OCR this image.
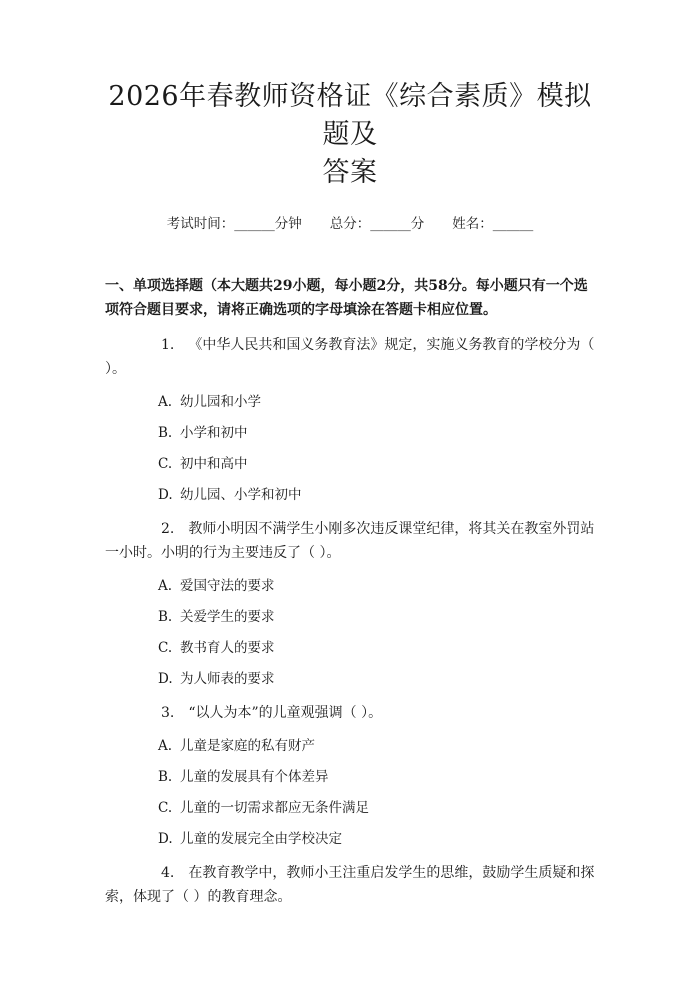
2026年春教师资格证《综合素质》模拟题及
答案
考试时间：______分钟 总分：______分 姓名：______
一、单项选择题（本大题共29小题，每小题2分，共58分。每小题只有一个选项符合题目要求，请将正确选项的字母填涂在答题卡相应位置。
1. 《中华人民共和国义务教育法》规定，实施义务教育的学校分为（ ）。
A. 幼儿园和小学
B. 小学和初中
C. 初中和高中
D. 幼儿园、小学和初中
2. 教师小明因不满学生小刚多次违反课堂纪律，将其关在教室外罚站一小时。小明的行为主要违反了（ ）。
A. 爱国守法的要求
B. 关爱学生的要求
C. 教书育人的要求
D. 为人师表的要求
3. “以人为本”的儿童观强调（ ）。
A. 儿童是家庭的私有财产
B. 儿童的发展具有个体差异
C. 儿童的一切需求都应无条件满足
D. 儿童的发展完全由学校决定
4. 在教育教学中，教师小王注重启发学生的思维，鼓励学生质疑和探索，体现了（ ）的教育理念。
